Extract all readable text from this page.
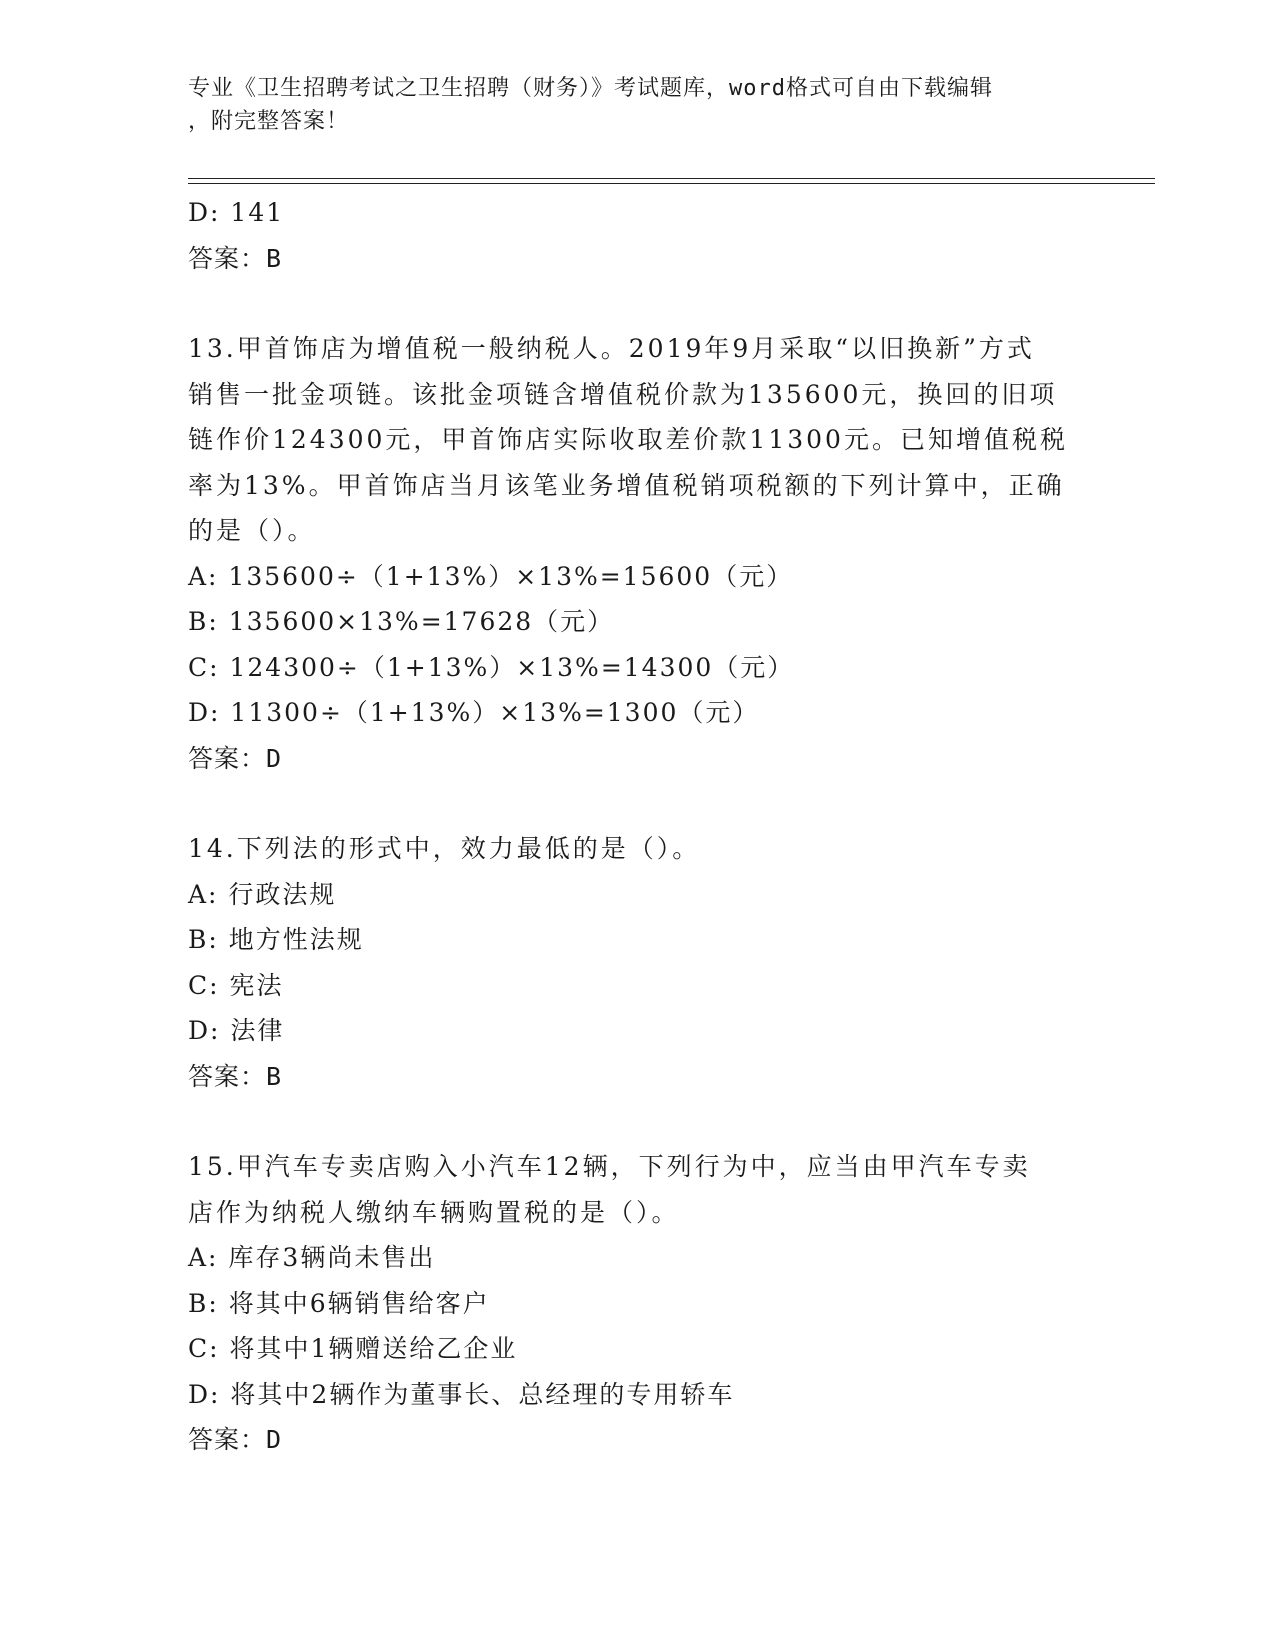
专业《卫生招聘考试之卫生招聘（财务）》考试题库，word格式可自由下载编辑
，附完整答案！
D: 141
答案：B
13.甲首饰店为增值税一般纳税人。2019年9月采取“以旧换新”方式
销售一批金项链。该批金项链含增值税价款为135600元，换回的旧项
链作价124300元，甲首饰店实际收取差价款11300元。已知增值税税
率为13%。甲首饰店当月该笔业务增值税销项税额的下列计算中，正确
的是（）。
A: 135600÷（1+13%）×13%=15600（元）
B: 135600×13%=17628（元）
C: 124300÷（1+13%）×13%=14300（元）
D: 11300÷（1+13%）×13%=1300（元）
答案：D
14.下列法的形式中，效力最低的是（）。
A: 行政法规
B: 地方性法规
C: 宪法
D: 法律
答案：B
15.甲汽车专卖店购入小汽车12辆，下列行为中，应当由甲汽车专卖
店作为纳税人缴纳车辆购置税的是（）。
A: 库存3辆尚未售出
B: 将其中6辆销售给客户
C: 将其中1辆赠送给乙企业
D: 将其中2辆作为董事长、总经理的专用轿车
答案：D
